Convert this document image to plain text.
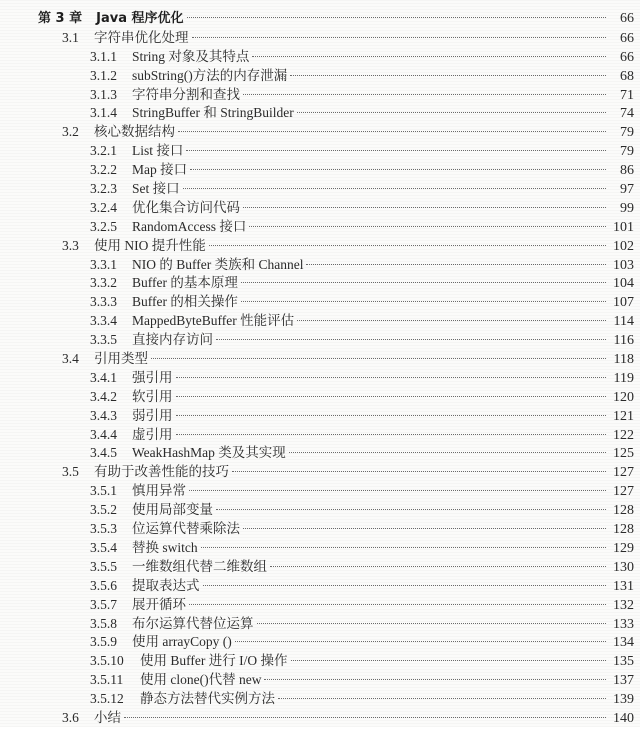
第 3 章 Java 程序优化	66
3.1	字符串优化处理	66
3.1.1	String 对象及其特点	66
3.1.2	subString()方法的内存泄漏	68
3.1.3	字符串分割和查找	71
3.1.4	StringBuffer 和 StringBuilder	74
3.2	核心数据结构	79
3.2.1	List 接口	79
3.2.2	Map 接口	86
3.2.3	Set 接口	97
3.2.4	优化集合访问代码	99
3.2.5	RandomAccess 接口	101
3.3	使用 NIO 提升性能	102
3.3.1	NIO 的 Buffer 类族和 Channel	103
3.3.2	Buffer 的基本原理	104
3.3.3	Buffer 的相关操作	107
3.3.4	MappedByteBuffer 性能评估	114
3.3.5	直接内存访问	116
3.4	引用类型	118
3.4.1	强引用	119
3.4.2	软引用	120
3.4.3	弱引用	121
3.4.4	虚引用	122
3.4.5	WeakHashMap 类及其实现	125
3.5	有助于改善性能的技巧	127
3.5.1	慎用异常	127
3.5.2	使用局部变量	128
3.5.3	位运算代替乘除法	128
3.5.4	替换 switch	129
3.5.5	一维数组代替二维数组	130
3.5.6	提取表达式	131
3.5.7	展开循环	132
3.5.8	布尔运算代替位运算	133
3.5.9	使用 arrayCopy ()	134
3.5.10	使用 Buffer 进行 I/O 操作	135
3.5.11	使用 clone()代替 new	137
3.5.12	静态方法替代实例方法	139
3.6	小结	140
